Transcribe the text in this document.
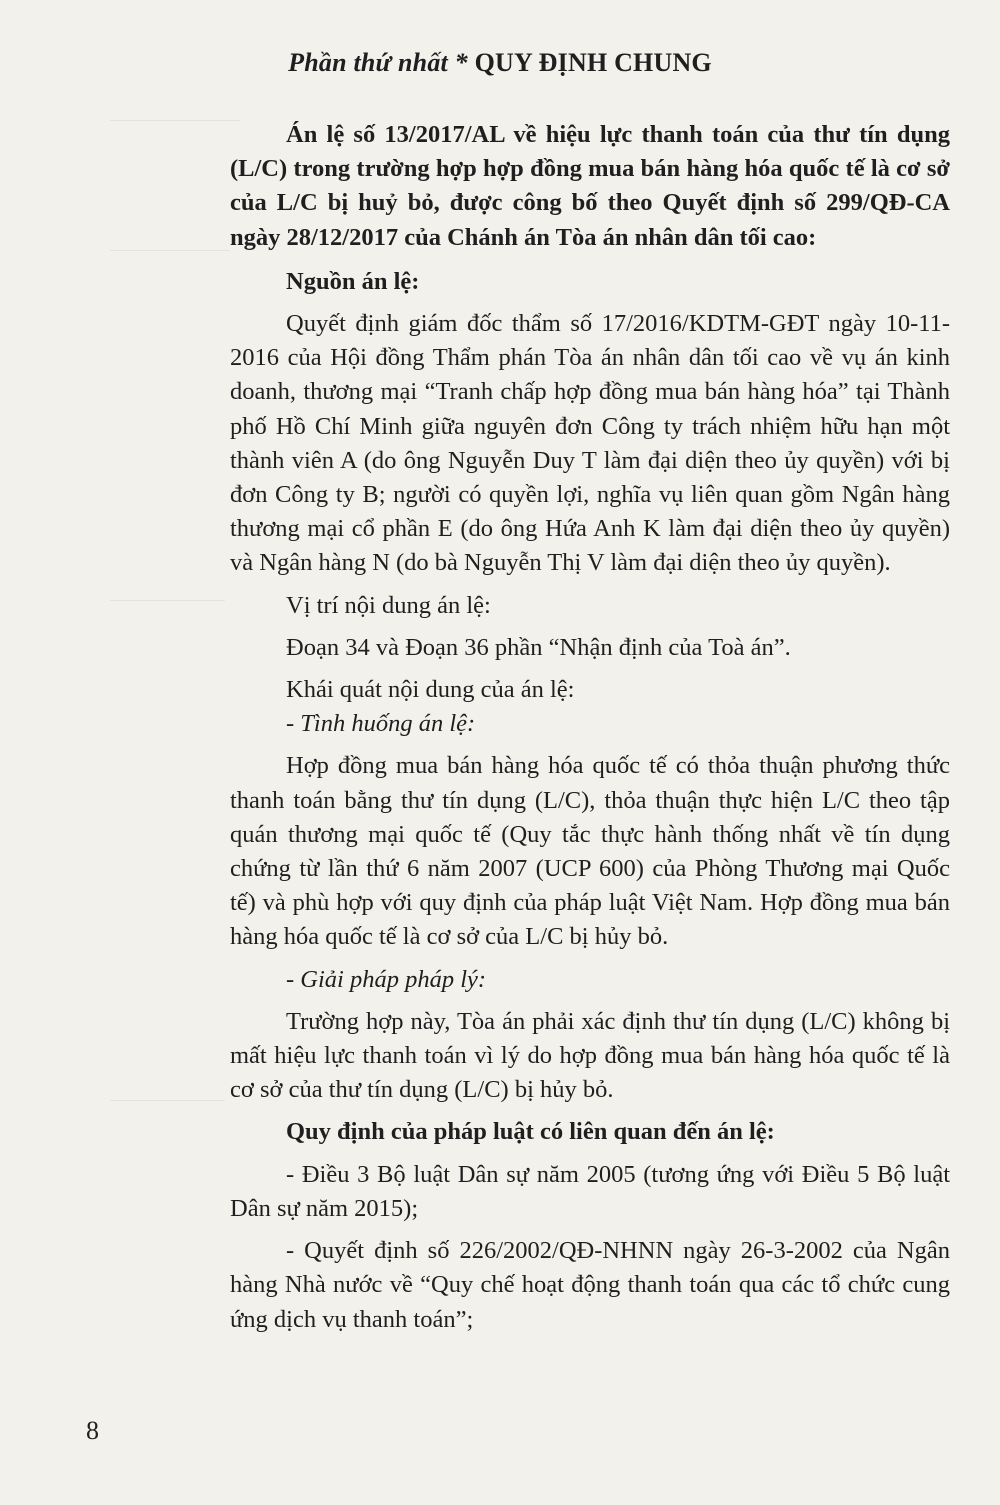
Phần thứ nhất * QUY ĐỊNH CHUNG

Án lệ số 13/2017/AL về hiệu lực thanh toán của thư tín dụng (L/C) trong trường hợp hợp đồng mua bán hàng hóa quốc tế là cơ sở của L/C bị huỷ bỏ, được công bố theo Quyết định số 299/QĐ-CA ngày 28/12/2017 của Chánh án Tòa án nhân dân tối cao:

Nguồn án lệ:

Quyết định giám đốc thẩm số 17/2016/KDTM-GĐT ngày 10-11-2016 của Hội đồng Thẩm phán Tòa án nhân dân tối cao về vụ án kinh doanh, thương mại “Tranh chấp hợp đồng mua bán hàng hóa” tại Thành phố Hồ Chí Minh giữa nguyên đơn Công ty trách nhiệm hữu hạn một thành viên A (do ông Nguyễn Duy T làm đại diện theo ủy quyền) với bị đơn Công ty B; người có quyền lợi, nghĩa vụ liên quan gồm Ngân hàng thương mại cổ phần E (do ông Hứa Anh K làm đại diện theo ủy quyền) và Ngân hàng N (do bà Nguyễn Thị V làm đại diện theo ủy quyền).

Vị trí nội dung án lệ:

Đoạn 34 và Đoạn 36 phần “Nhận định của Toà án”.

Khái quát nội dung của án lệ:

- Tình huống án lệ:

Hợp đồng mua bán hàng hóa quốc tế có thỏa thuận phương thức thanh toán bằng thư tín dụng (L/C), thỏa thuận thực hiện L/C theo tập quán thương mại quốc tế (Quy tắc thực hành thống nhất về tín dụng chứng từ lần thứ 6 năm 2007 (UCP 600) của Phòng Thương mại Quốc tế) và phù hợp với quy định của pháp luật Việt Nam. Hợp đồng mua bán hàng hóa quốc tế là cơ sở của L/C bị hủy bỏ.

- Giải pháp pháp lý:

Trường hợp này, Tòa án phải xác định thư tín dụng (L/C) không bị mất hiệu lực thanh toán vì lý do hợp đồng mua bán hàng hóa quốc tế là cơ sở của thư tín dụng (L/C) bị hủy bỏ.

Quy định của pháp luật có liên quan đến án lệ:

- Điều 3 Bộ luật Dân sự năm 2005 (tương ứng với Điều 5 Bộ luật Dân sự năm 2015);

- Quyết định số 226/2002/QĐ-NHNN ngày 26-3-2002 của Ngân hàng Nhà nước về “Quy chế hoạt động thanh toán qua các tổ chức cung ứng dịch vụ thanh toán”;

8
